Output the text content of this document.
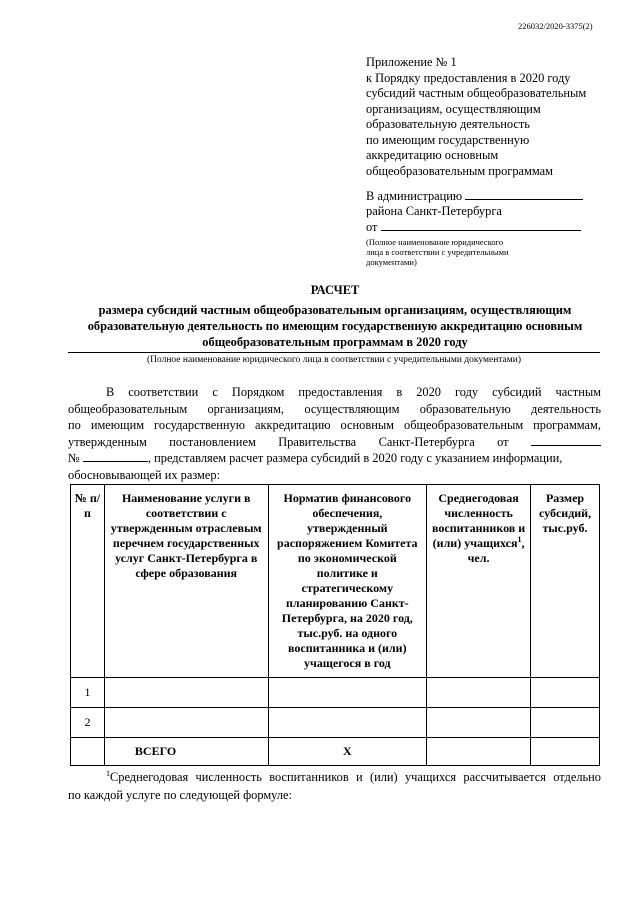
226032/2020-3375(2)
Приложение № 1
к Порядку предоставления в 2020 году
субсидий частным общеобразовательным
организациям, осуществляющим
образовательную деятельность
по имеющим государственную
аккредитацию основным
общеобразовательным программам
В администрацию
района Санкт-Петербурга
от
(Полное наименование юридического
лица в соответствии с учредительными
документами)
РАСЧЕТ
размера субсидий частным общеобразовательным организациям, осуществляющим
образовательную деятельность по имеющим государственную аккредитацию основным
общеобразовательным программам в 2020 году
(Полное наименование юридического лица в соответствии с учредительными документами)
В соответствии с Порядком предоставления в 2020 году субсидий частным
общеобразовательным организациям, осуществляющим образовательную деятельность
по имеющим государственную аккредитацию основным общеобразовательным программам,
утвержденным постановлением Правительства Санкт-Петербурга от
№	, представляем расчет размера субсидий в 2020 году с указанием информации,
обосновывающей их размер:
№ п/п	Наименование услуги в соответствии с утвержденным отраслевым перечнем государственных услуг Санкт-Петербурга в сфере образования	Норматив финансового обеспечения, утвержденный распоряжением Комитета по экономической политике и стратегическому планированию Санкт-Петербурга, на 2020 год, тыс.руб. на одного воспитанника и (или) учащегося в год	Среднегодовая численность воспитанников и (или) учащихся$^1$, чел.	Размер субсидий, тыс.руб.
1				
2				
	ВСЕГО	Х		
$^1$Среднегодовая численность воспитанников и (или) учащихся рассчитывается отдельно
по каждой услуге по следующей формуле:
